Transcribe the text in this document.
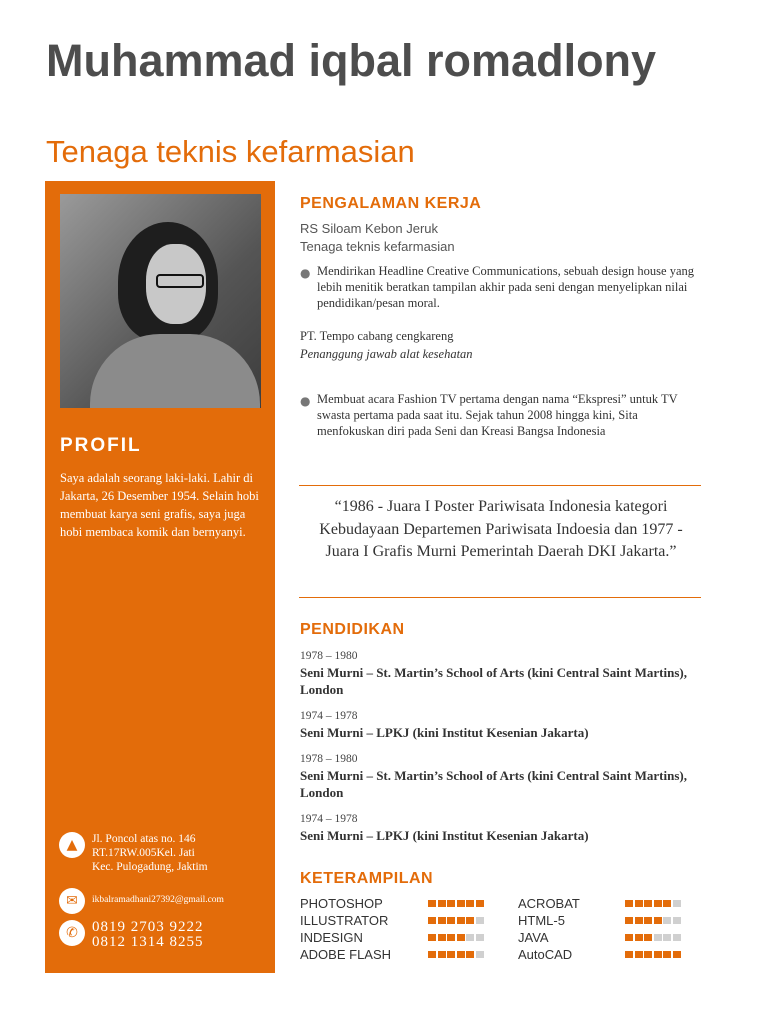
Muhammad iqbal romadlony
Tenaga teknis kefarmasian
PROFIL
Saya adalah seorang laki-laki. Lahir di Jakarta, 26 Desember 1954. Selain hobi membuat karya seni grafis, saya juga hobi membaca komik dan bernyanyi.
▲	Jl. Poncol atas no. 146
RT.17RW.005Kel. Jati
Kec. Pulogadung, Jaktim
✉	ikbalramadhani27392@gmail.com
✆ 0819 2703 9222
0812 1314 8255
PENGALAMAN KERJA
RS Siloam Kebon Jeruk
Tenaga teknis kefarmasian
● Mendirikan Headline Creative Communications, sebuah design house yang lebih menitik beratkan tampilan akhir pada seni dengan menyelipkan nilai pendidikan/pesan moral.
PT. Tempo cabang cengkareng
Penanggung jawab alat kesehatan
● Membuat acara Fashion TV pertama dengan nama “Ekspresi” untuk TV swasta pertama pada saat itu. Sejak tahun 2008 hingga kini, Sita menfokuskan diri pada Seni dan Kreasi Bangsa Indonesia
“1986 - Juara I Poster Pariwisata Indonesia kategori Kebudayaan Departemen Pariwisata Indoesia dan 1977 - Juara I Grafis Murni Pemerintah Daerah DKI Jakarta.”
PENDIDIKAN
1978 – 1980
Seni Murni – St. Martin’s School of Arts (kini Central Saint Martins), London
1974 – 1978
Seni Murni – LPKJ (kini Institut Kesenian Jakarta)
1978 – 1980
Seni Murni – St. Martin’s School of Arts (kini Central Saint Martins), London
1974 – 1978
Seni Murni – LPKJ (kini Institut Kesenian Jakarta)
KETERAMPILAN
PHOTOSHOP	ACROBAT
ILLUSTRATOR	HTML-5
INDESIGN	JAVA
ADOBE FLASH	AutoCAD
